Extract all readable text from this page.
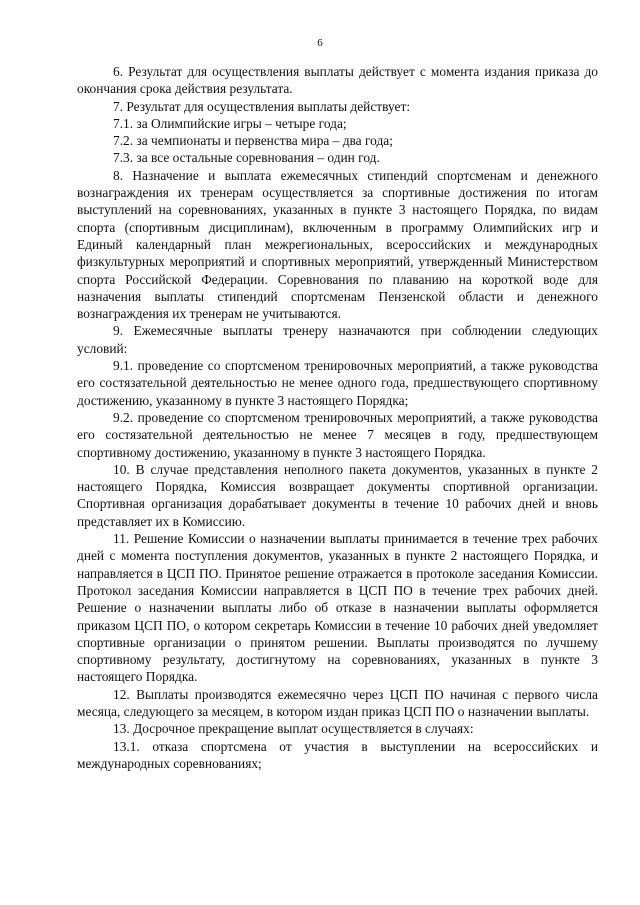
6

6. Результат для осуществления выплаты действует с момента издания приказа до окончания срока действия результата.

7. Результат для осуществления выплаты действует:

7.1. за Олимпийские игры – четыре года;

7.2. за чемпионаты и первенства мира – два года;

7.3. за все остальные соревнования – один год.

8. Назначение и выплата ежемесячных стипендий спортсменам и денежного вознаграждения их тренерам осуществляется за спортивные достижения по итогам выступлений на соревнованиях, указанных в пункте 3 настоящего Порядка, по видам спорта (спортивным дисциплинам), включенным в программу Олимпийских игр и Единый календарный план межрегиональных, всероссийских и международных физкультурных мероприятий и спортивных мероприятий, утвержденный Министерством спорта Российской Федерации. Соревнования по плаванию на короткой воде для назначения выплаты стипендий спортсменам Пензенской области и денежного вознаграждения их тренерам не учитываются.

9. Ежемесячные выплаты тренеру назначаются при соблюдении следующих условий:

9.1. проведение со спортсменом тренировочных мероприятий, а также руководства его состязательной деятельностью не менее одного года, предшествующего спортивному достижению, указанному в пункте 3 настоящего Порядка;

9.2. проведение со спортсменом тренировочных мероприятий, а также руководства его состязательной деятельностью не менее 7 месяцев в году, предшествующем спортивному достижению, указанному в пункте 3 настоящего Порядка.

10. В случае представления неполного пакета документов, указанных в пункте 2 настоящего Порядка, Комиссия возвращает документы спортивной организации. Спортивная организация дорабатывает документы в течение 10 рабочих дней и вновь представляет их в Комиссию.

11. Решение Комиссии о назначении выплаты принимается в течение трех рабочих дней с момента поступления документов, указанных в пункте 2 настоящего Порядка, и направляется в ЦСП ПО. Принятое решение отражается в протоколе заседания Комиссии. Протокол заседания Комиссии направляется в ЦСП ПО в течение трех рабочих дней. Решение о назначении выплаты либо об отказе в назначении выплаты оформляется приказом ЦСП ПО, о котором секретарь Комиссии в течение 10 рабочих дней уведомляет спортивные организации о принятом решении. Выплаты производятся по лучшему спортивному результату, достигнутому на соревнованиях, указанных в пункте 3 настоящего Порядка.

12. Выплаты производятся ежемесячно через ЦСП ПО начиная с первого числа месяца, следующего за месяцем, в котором издан приказ ЦСП ПО о назначении выплаты.

13. Досрочное прекращение выплат осуществляется в случаях:

13.1. отказа спортсмена от участия в выступлении на всероссийских и международных соревнованиях;
